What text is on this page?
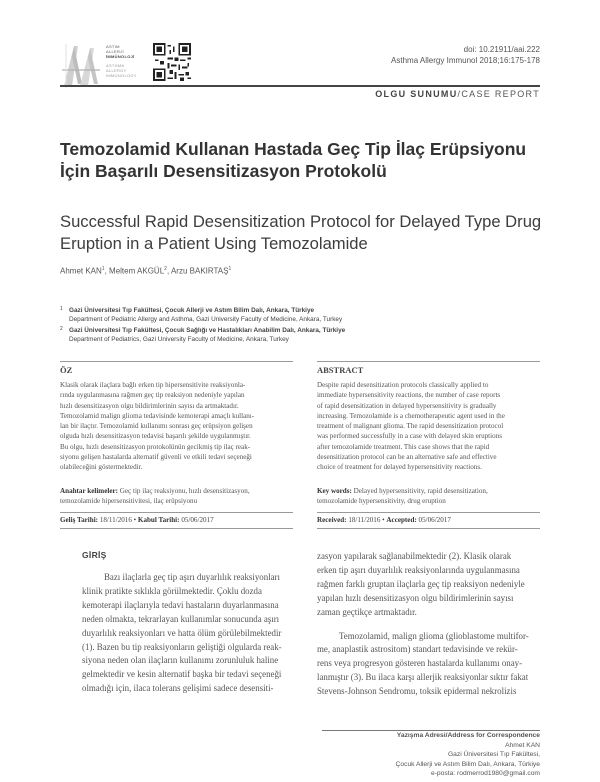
ASTIM
ALLERJİ
İMMÜNOLOJİ
ASTHMA
ALLERGY
IMMUNOLOGY
doi: 10.21911/aai.222
Asthma Allergy Immunol 2018;16:175-178
OLGU SUNUMU/CASE REPORT
Temozolamid Kullanan Hastada Geç Tip İlaç Erüpsiyonu
İçin Başarılı Desensitizasyon Protokolü
Successful Rapid Desensitization Protocol for Delayed Type Drug
Eruption in a Patient Using Temozolamide
Ahmet KAN$^1$, Meltem AKGÜL$^2$, Arzu BAKIRTAŞ$^1$
1 Gazi Üniversitesi Tıp Fakültesi, Çocuk Allerji ve Astım Bilim Dalı, Ankara, Türkiye
Department of Pediatric Allergy and Asthma, Gazi University Faculty of Medicine, Ankara, Turkey
2 Gazi Üniversitesi Tıp Fakültesi, Çocuk Sağlığı ve Hastalıkları Anabilim Dalı, Ankara, Türkiye
Department of Pediatrics, Gazi University Faculty of Medicine, Ankara, Turkey
ÖZ
Klasik olarak ilaçlara bağlı erken tip hipersensitivite reaksiyonla-
rında uygulanmasına rağmen geç tip reaksiyon nedeniyle yapılan
hızlı desensitizasyon olgu bildirimlerinin sayısı da artmaktadır.
Temozolamid malign glioma tedavisinde kemoterapi amaçlı kullanı-
lan bir ilaçtır. Temozolamid kullanımı sonrası geç erüpsiyon gelişen
olguda hızlı desensitizasyon tedavisi başarılı şekilde uygulanmıştır.
Bu olgu, hızlı desensitizasyon protokolünün gecikmiş tip ilaç reak-
siyonu gelişen hastalarda alternatif güvenli ve etkili tedavi seçeneği
olabileceğini göstermektedir.
Anahtar kelimeler: Geç tip ilaç reaksiyonu, hızlı desensitizasyon,
temozolamide hipersensitivitesi, ilaç erüpsiyonu
Geliş Tarihi: 18/11/2016 • Kabul Tarihi: 05/06/2017
ABSTRACT
Despite rapid desensitization protocols classically applied to
immediate hypersensitivity reactions, the number of case reports
of rapid desensitization in delayed hypersensitivity is gradually
increasing. Temozolamide is a chemotherapeutic agent used in the
treatment of malignant glioma. The rapid desensitization protocol
was performed successfully in a case with delayed skin eruptions
after temozolamide treatment. This case shows that the rapid
desensitization protocol can be an alternative safe and effective
choice of treatment for delayed hypersensitivity reactions.
Key words: Delayed hypersensitivity, rapid desensitization,
temozolamide hypersensitivity, drug eruption
Received: 18/11/2016 • Accepted: 05/06/2017
GİRİŞ
Bazı ilaçlarla geç tip aşırı duyarlılık reaksiyonları
klinik pratikte sıklıkla görülmektedir. Çoklu dozda
kemoterapi ilaçlarıyla tedavi hastaların duyarlanmasına
neden olmakta, tekrarlayan kullanımlar sonucunda aşırı
duyarlılık reaksiyonları ve hatta ölüm görülebilmektedir
(1). Bazen bu tip reaksiyonların geliştiği olgularda reak-
siyona neden olan ilaçların kullanımı zorunluluk haline
gelmektedir ve kesin alternatif başka bir tedavi seçeneği
olmadığı için, ilaca tolerans gelişimi sadece desensiti-
zasyon yapılarak sağlanabilmektedir (2). Klasik olarak
erken tip aşırı duyarlılık reaksiyonlarında uygulanmasına
rağmen farklı gruptan ilaçlarla geç tip reaksiyon nedeniyle
yapılan hızlı desensitizasyon olgu bildirimlerinin sayısı
zaman geçtikçe artmaktadır.
Temozolamid, malign glioma (glioblastome multifor-
me, anaplastik astrositom) standart tedavisinde ve rekür-
rens veya progresyon gösteren hastalarda kullanımı onay-
lanmıştır (3). Bu ilaca karşı allerjik reaksiyonlar sıktır fakat
Stevens-Johnson Sendromu, toksik epidermal nekrolizis
Yazışma Adresi/Address for Correspondence
Ahmet KAN
Gazi Üniversitesi Tıp Fakültesi,
Çocuk Allerji ve Astım Bilim Dalı, Ankara, Türkiye
e-posta: rodmerrod1980@gmail.com
